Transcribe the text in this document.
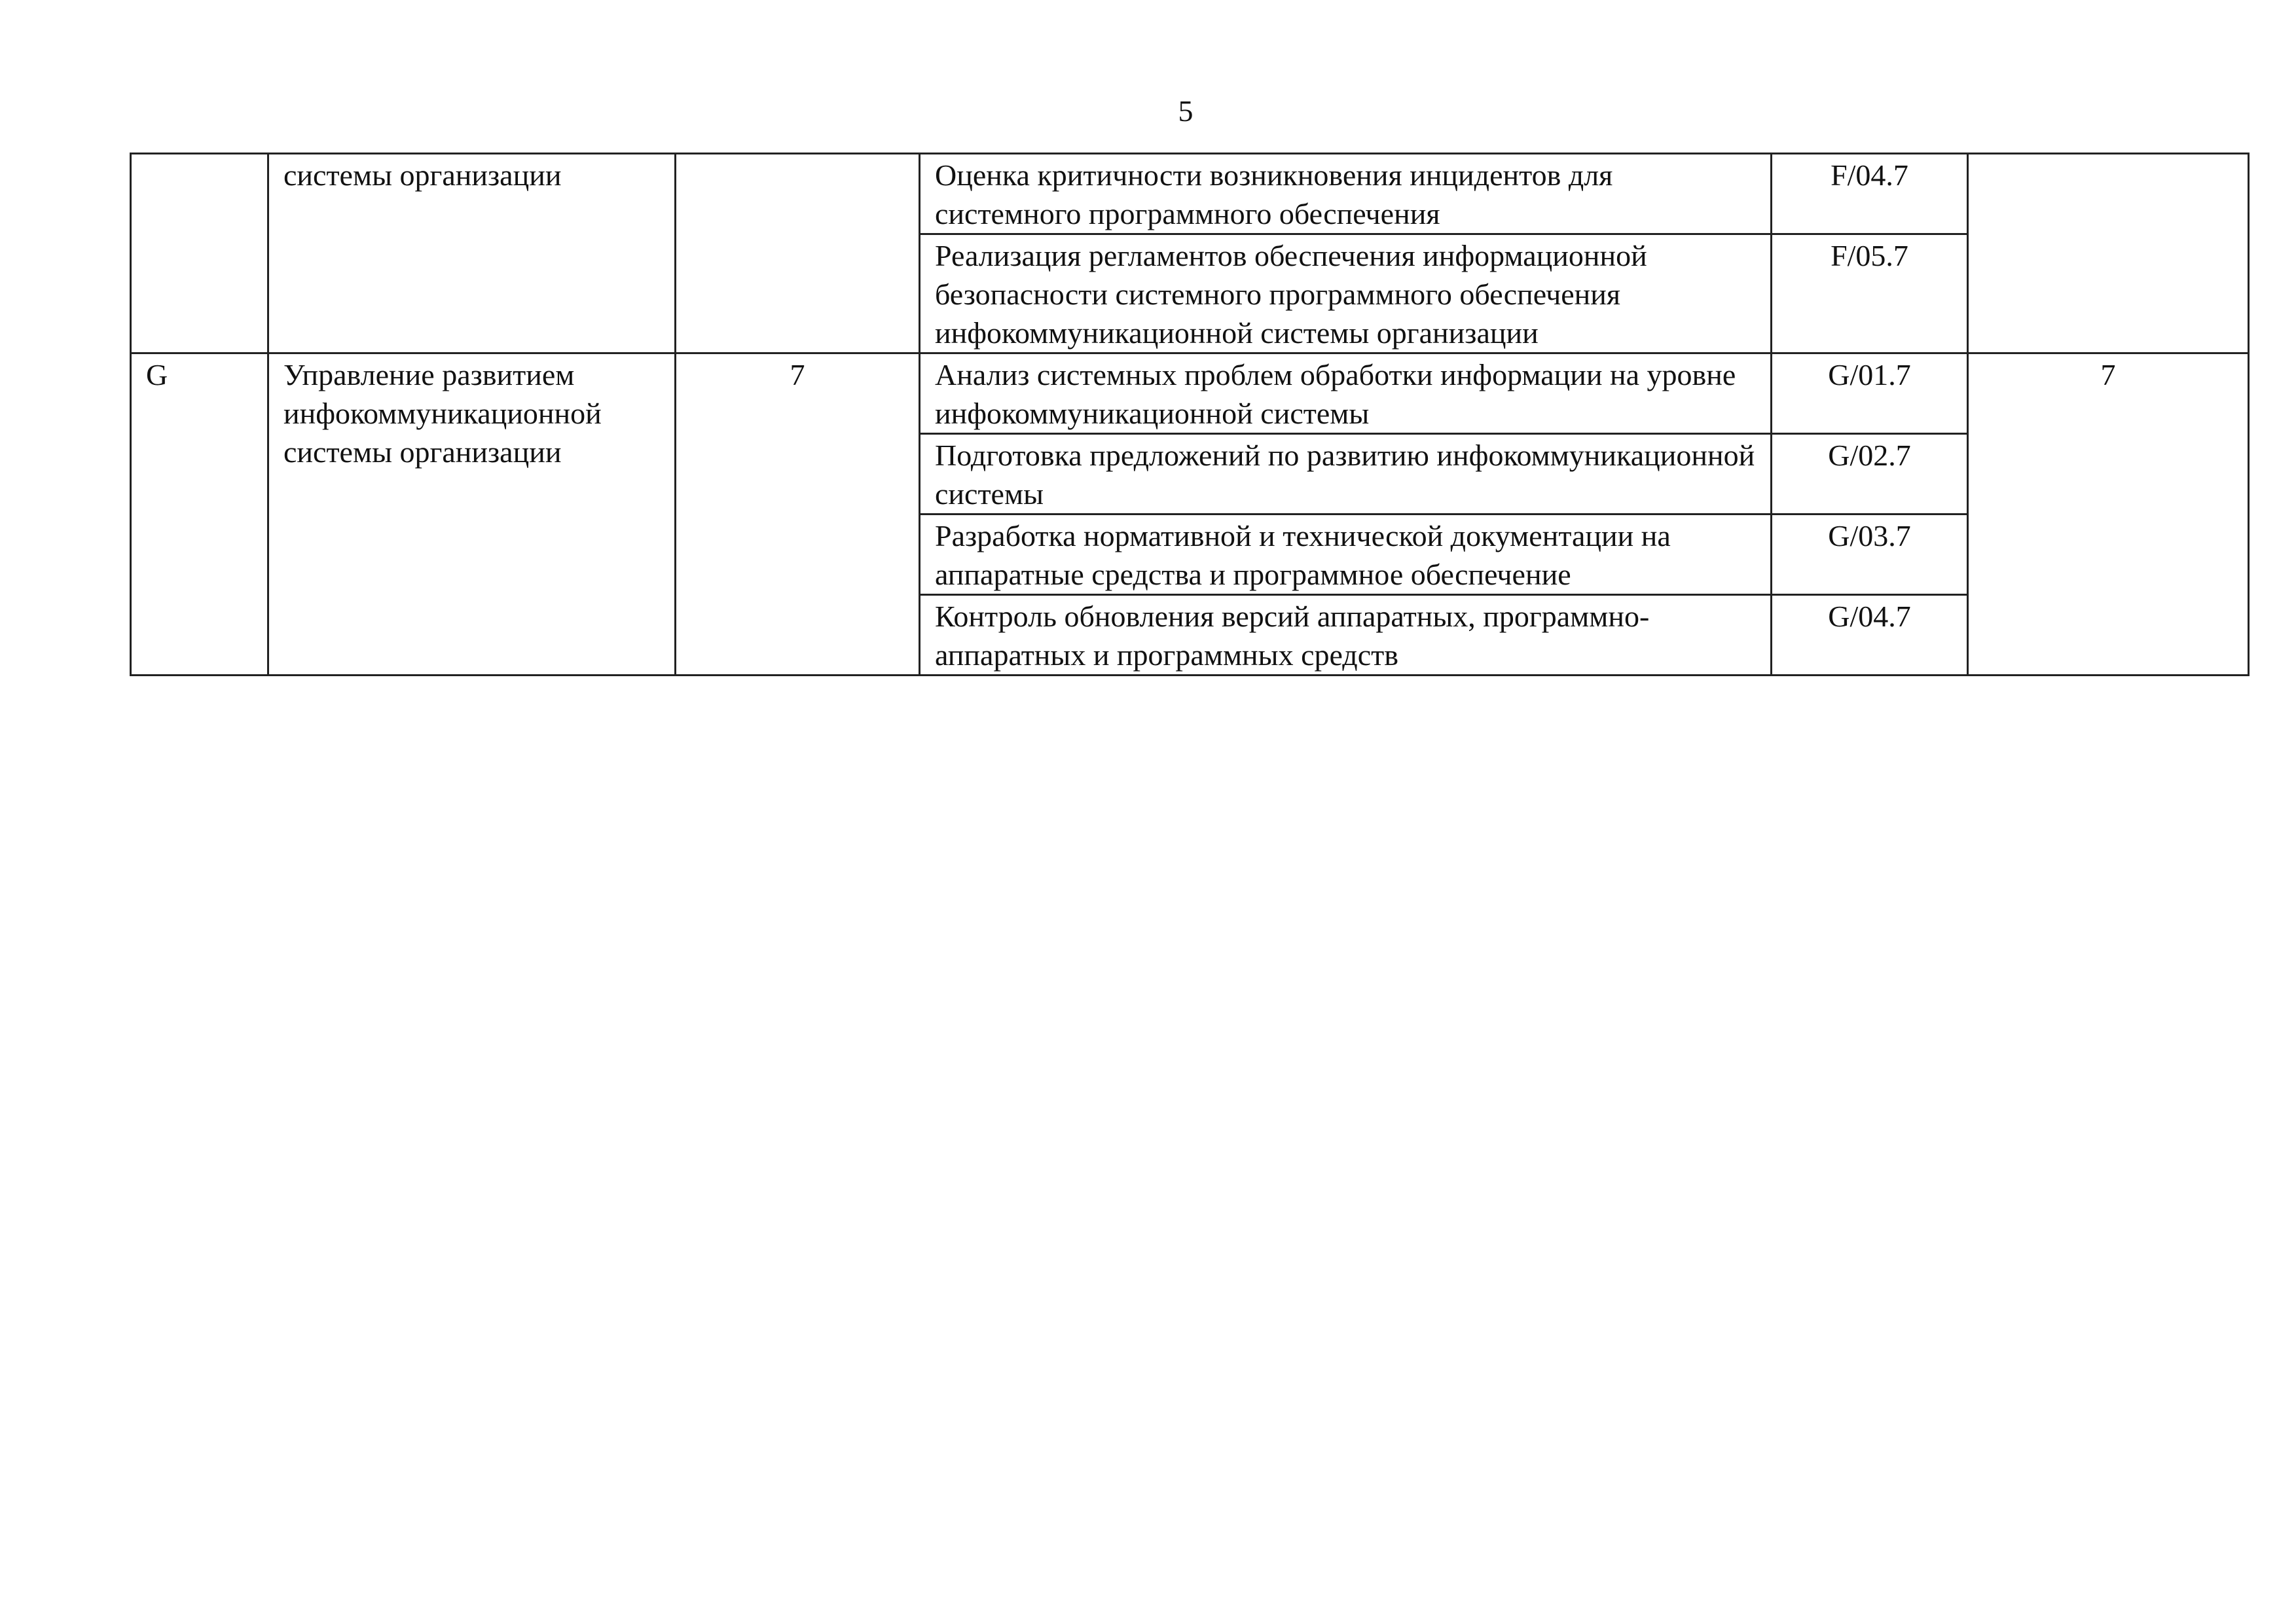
5
	системы организации		Оценка критичности возникновения инцидентов для системного программного обеспечения	F/04.7	
			Реализация регламентов обеспечения информационной безопасности системного программного обеспечения инфокоммуникационной системы организации	F/05.7	
G	Управление развитием инфокоммуникационной системы организации	7	Анализ системных проблем обработки информации на уровне инфокоммуникационной системы	G/01.7	7
			Подготовка предложений по развитию инфокоммуникационной системы	G/02.7	
			Разработка нормативной и технической документации на аппаратные средства и программное обеспечение	G/03.7	
			Контроль обновления версий аппаратных, программно-аппаратных и программных средств	G/04.7	
